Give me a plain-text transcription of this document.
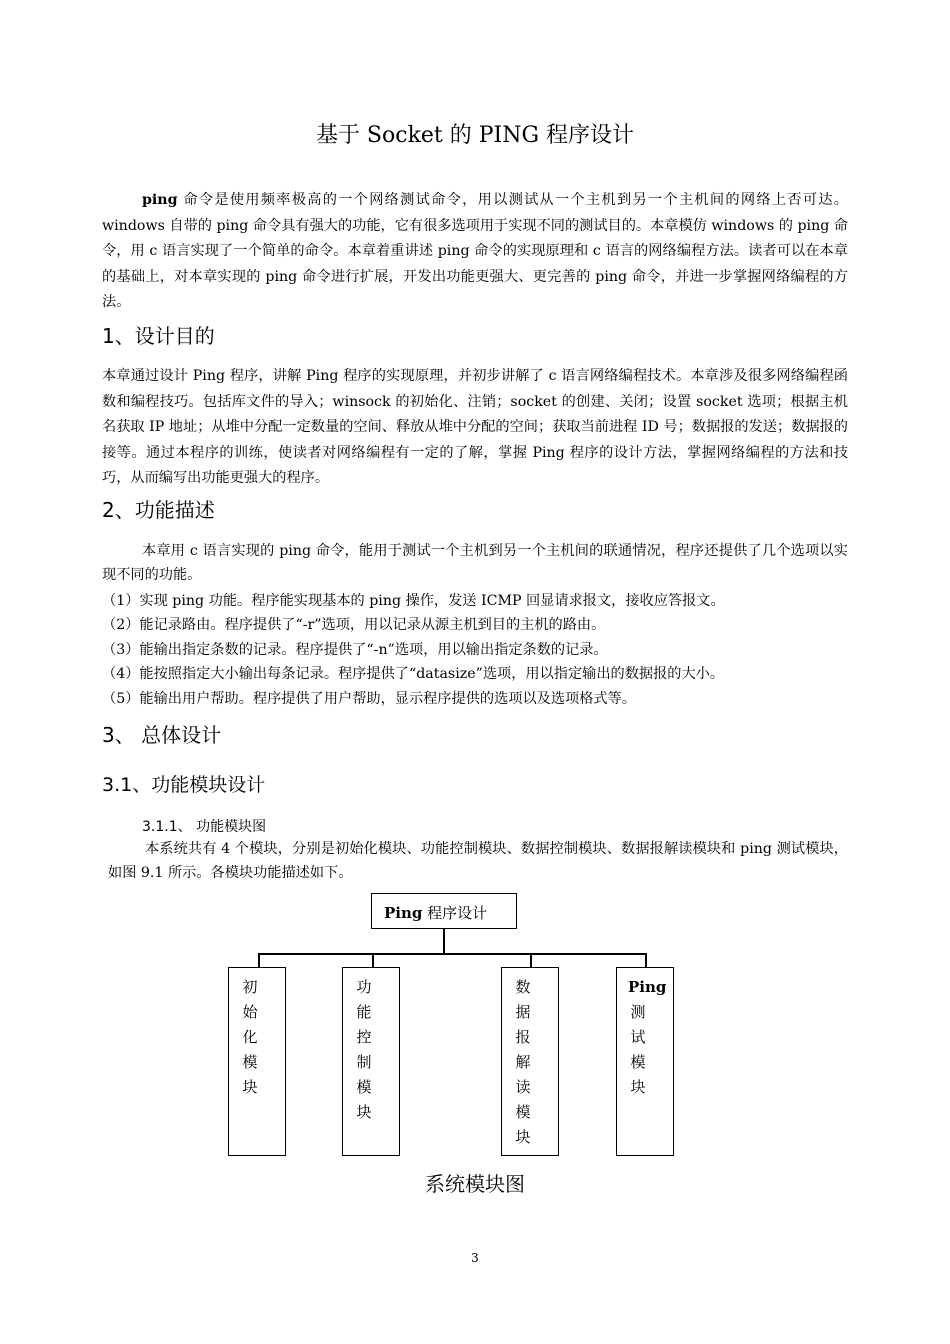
基于 Socket 的 PING 程序设计
ping 命令是使用频率极高的一个网络测试命令，用以测试从一个主机到另一个主机间的网络上否可达。windows 自带的 ping 命令具有强大的功能，它有很多选项用于实现不同的测试目的。本章模仿 windows 的 ping 命令，用 c 语言实现了一个简单的命令。本章着重讲述 ping 命令的实现原理和 c 语言的网络编程方法。读者可以在本章的基础上，对本章实现的 ping 命令进行扩展，开发出功能更强大、更完善的 ping 命令，并进一步掌握网络编程的方法。
1、设计目的
本章通过设计 Ping 程序，讲解 Ping 程序的实现原理，并初步讲解了 c 语言网络编程技术。本章涉及很多网络编程函数和编程技巧。包括库文件的导入；winsock 的初始化、注销；socket 的创建、关闭；设置 socket 选项；根据主机名获取 IP 地址；从堆中分配一定数量的空间、释放从堆中分配的空间；获取当前进程 ID 号；数据报的发送；数据报的接等。通过本程序的训练，使读者对网络编程有一定的了解，掌握 Ping 程序的设计方法，掌握网络编程的方法和技巧，从而编写出功能更强大的程序。
2、功能描述
本章用 c 语言实现的 ping 命令，能用于测试一个主机到另一个主机间的联通情况，程序还提供了几个选项以实现不同的功能。
（1）实现 ping 功能。程序能实现基本的 ping 操作，发送 ICMP 回显请求报文，接收应答报文。
（2）能记录路由。程序提供了“-r”选项，用以记录从源主机到目的主机的路由。
（3）能输出指定条数的记录。程序提供了“-n”选项，用以输出指定条数的记录。
（4）能按照指定大小输出每条记录。程序提供了“datasize”选项，用以指定输出的数据报的大小。
（5）能输出用户帮助。程序提供了用户帮助，显示程序提供的选项以及选项格式等。
3、 总体设计
3.1、功能模块设计
3.1.1、 功能模块图
本系统共有 4 个模块，分别是初始化模块、功能控制模块、数据控制模块、数据报解读模块和 ping 测试模块，如图 9.1 所示。各模块功能描述如下。
Ping 程序设计
初始化模块
功能控制模块
数据报解读模块
Ping
测试模块
系统模块图
3
